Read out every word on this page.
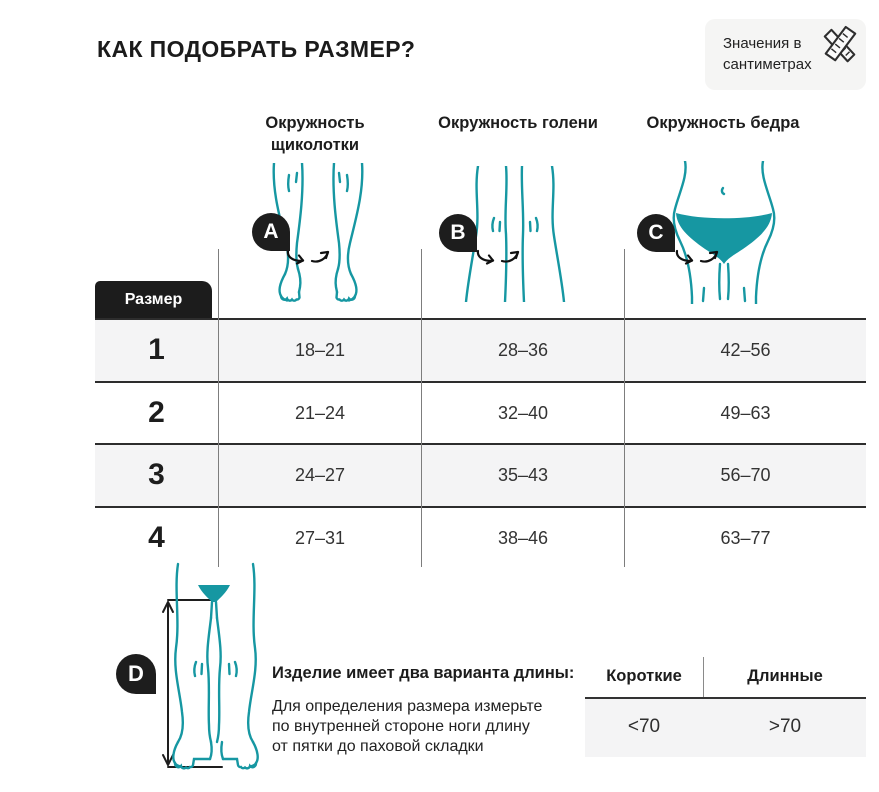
КАК ПОДОБРАТЬ РАЗМЕР?	Значения в
сантиметрах
Окружность щиколотки
Окружность голени	Окружность бедра
A	B	C
Размер
1	18–21	28–36	42–56
2	21–24	32–40	49–63
3	24–27	35–43	56–70
4	27–31	38–46	63–77
D	Изделие имеет два варианта длины:
Для определения размера измерьте
по внутренней стороне ноги длину
от пятки до паховой складки
Короткие	Длинные
<70	>70
